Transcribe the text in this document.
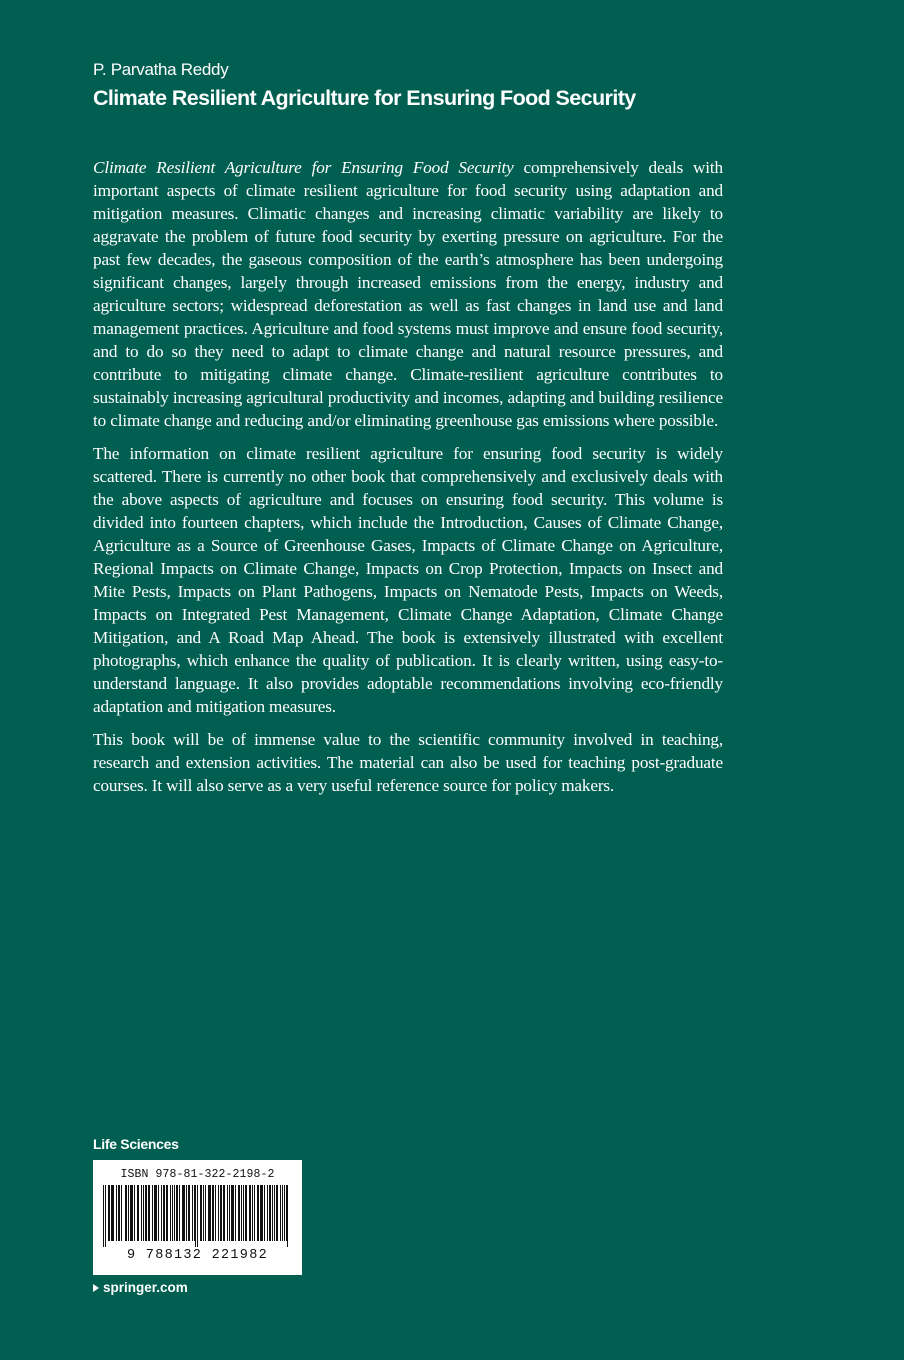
P. Parvatha Reddy
Climate Resilient Agriculture for Ensuring Food Security

Climate Resilient Agriculture for Ensuring Food Security comprehensively deals with important aspects of climate resilient agriculture for food security using adaptation and mitigation measures. Climatic changes and increasing climatic variability are likely to aggravate the problem of future food security by exerting pressure on agriculture. For the past few decades, the gaseous composition of the earth’s atmosphere has been undergoing significant changes, largely through increased emissions from the energy, industry and agriculture sectors; widespread deforestation as well as fast changes in land use and land management practices. Agriculture and food systems must improve and ensure food security, and to do so they need to adapt to climate change and natural resource pressures, and contribute to mitigating climate change. Climate-resilient agriculture contributes to sustainably increasing agricultural productivity and incomes, adapting and building resilience to climate change and reducing and/or eliminating greenhouse gas emissions where possible.

The information on climate resilient agriculture for ensuring food security is widely scattered. There is currently no other book that comprehensively and exclusively deals with the above aspects of agriculture and focuses on ensuring food security. This volume is divided into fourteen chapters, which include the Introduction, Causes of Climate Change, Agriculture as a Source of Greenhouse Gases, Impacts of Climate Change on Agriculture, Regional Impacts on Climate Change, Impacts on Crop Protection, Impacts on Insect and Mite Pests, Impacts on Plant Pathogens, Impacts on Nematode Pests, Impacts on Weeds, Impacts on Integrated Pest Management, Climate Change Adaptation, Climate Change Mitigation, and A Road Map Ahead. The book is extensively illustrated with excellent photographs, which enhance the quality of publication. It is clearly written, using easy-to-understand language. It also provides adoptable recommendations involving eco-friendly adaptation and mitigation measures.

This book will be of immense value to the scientific community involved in teaching, research and extension activities. The material can also be used for teaching post-graduate courses. It will also serve as a very useful reference source for policy makers.

Life Sciences
ISBN 978-81-322-2198-2
9 788132 221982
springer.com
